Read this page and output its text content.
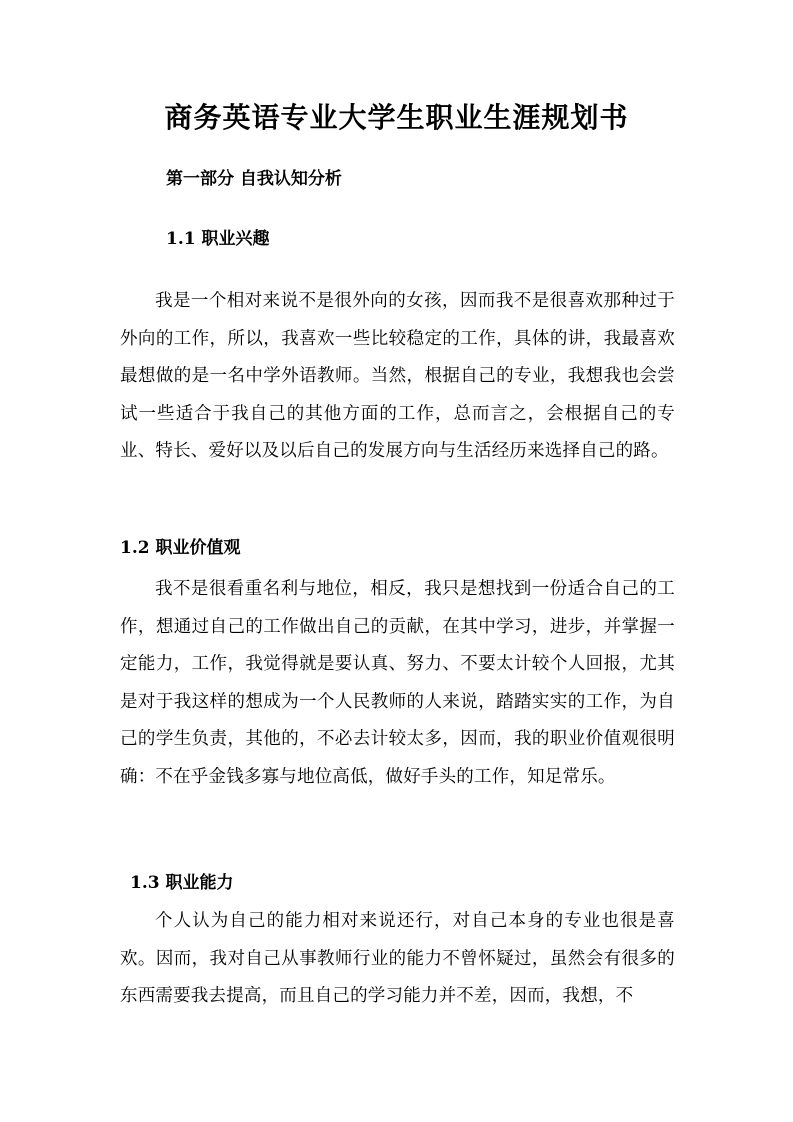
商务英语专业大学生职业生涯规划书
第一部分 自我认知分析
1.1 职业兴趣

我是一个相对来说不是很外向的女孩，因而我不是很喜欢那种过于外向的工作，所以，我喜欢一些比较稳定的工作，具体的讲，我最喜欢最想做的是一名中学外语教师。当然，根据自己的专业，我想我也会尝试一些适合于我自己的其他方面的工作，总而言之，会根据自己的专业、特长、爱好以及以后自己的发展方向与生活经历来选择自己的路。

1.2 职业价值观

我不是很看重名利与地位，相反，我只是想找到一份适合自己的工作，想通过自己的工作做出自己的贡献，在其中学习，进步，并掌握一定能力，工作，我觉得就是要认真、努力、不要太计较个人回报，尤其是对于我这样的想成为一个人民教师的人来说，踏踏实实的工作，为自己的学生负责，其他的，不必去计较太多，因而，我的职业价值观很明确：不在乎金钱多寡与地位高低，做好手头的工作，知足常乐。

1.3 职业能力

个人认为自己的能力相对来说还行，对自己本身的专业也很是喜欢。因而，我对自己从事教师行业的能力不曾怀疑过，虽然会有很多的东西需要我去提高，而且自己的学习能力并不差，因而，我想，不
